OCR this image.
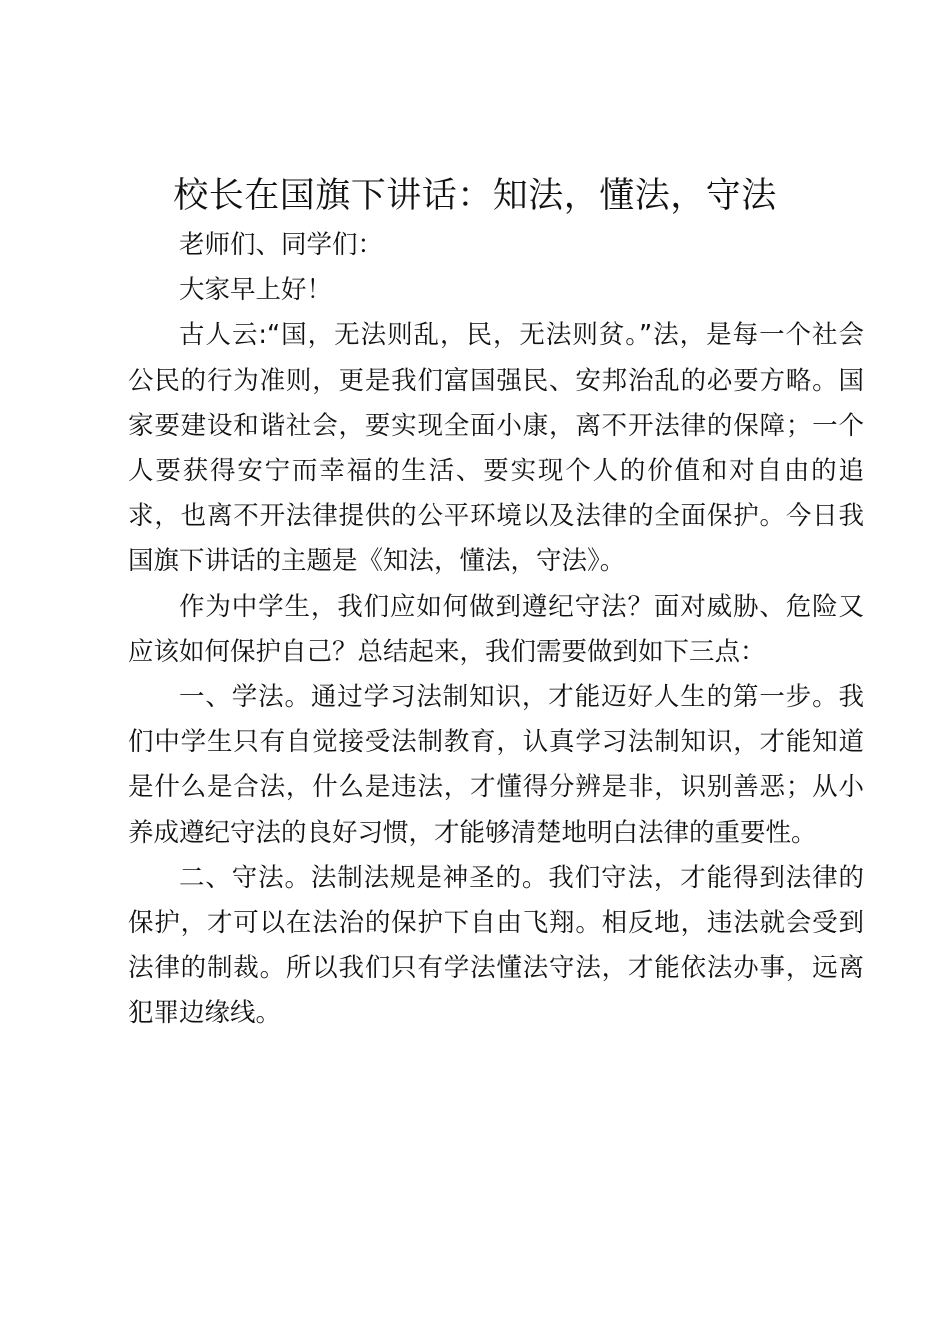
校长在国旗下讲话：知法，懂法，守法

老师们、同学们：

大家早上好！

古人云:“国，无法则乱，民，无法则贫。”法，是每一个社会公民的行为准则，更是我们富国强民、安邦治乱的必要方略。国家要建设和谐社会，要实现全面小康，离不开法律的保障；一个人要获得安宁而幸福的生活、要实现个人的价值和对自由的追求，也离不开法律提供的公平环境以及法律的全面保护。今日我国旗下讲话的主题是《知法，懂法，守法》。

作为中学生，我们应如何做到遵纪守法？面对威胁、危险又应该如何保护自己？总结起来，我们需要做到如下三点：

一、学法。通过学习法制知识，才能迈好人生的第一步。我们中学生只有自觉接受法制教育，认真学习法制知识，才能知道是什么是合法，什么是违法，才懂得分辨是非，识别善恶；从小养成遵纪守法的良好习惯，才能够清楚地明白法律的重要性。

二、守法。法制法规是神圣的。我们守法，才能得到法律的保护，才可以在法治的保护下自由飞翔。相反地，违法就会受到法律的制裁。所以我们只有学法懂法守法，才能依法办事，远离犯罪边缘线。
